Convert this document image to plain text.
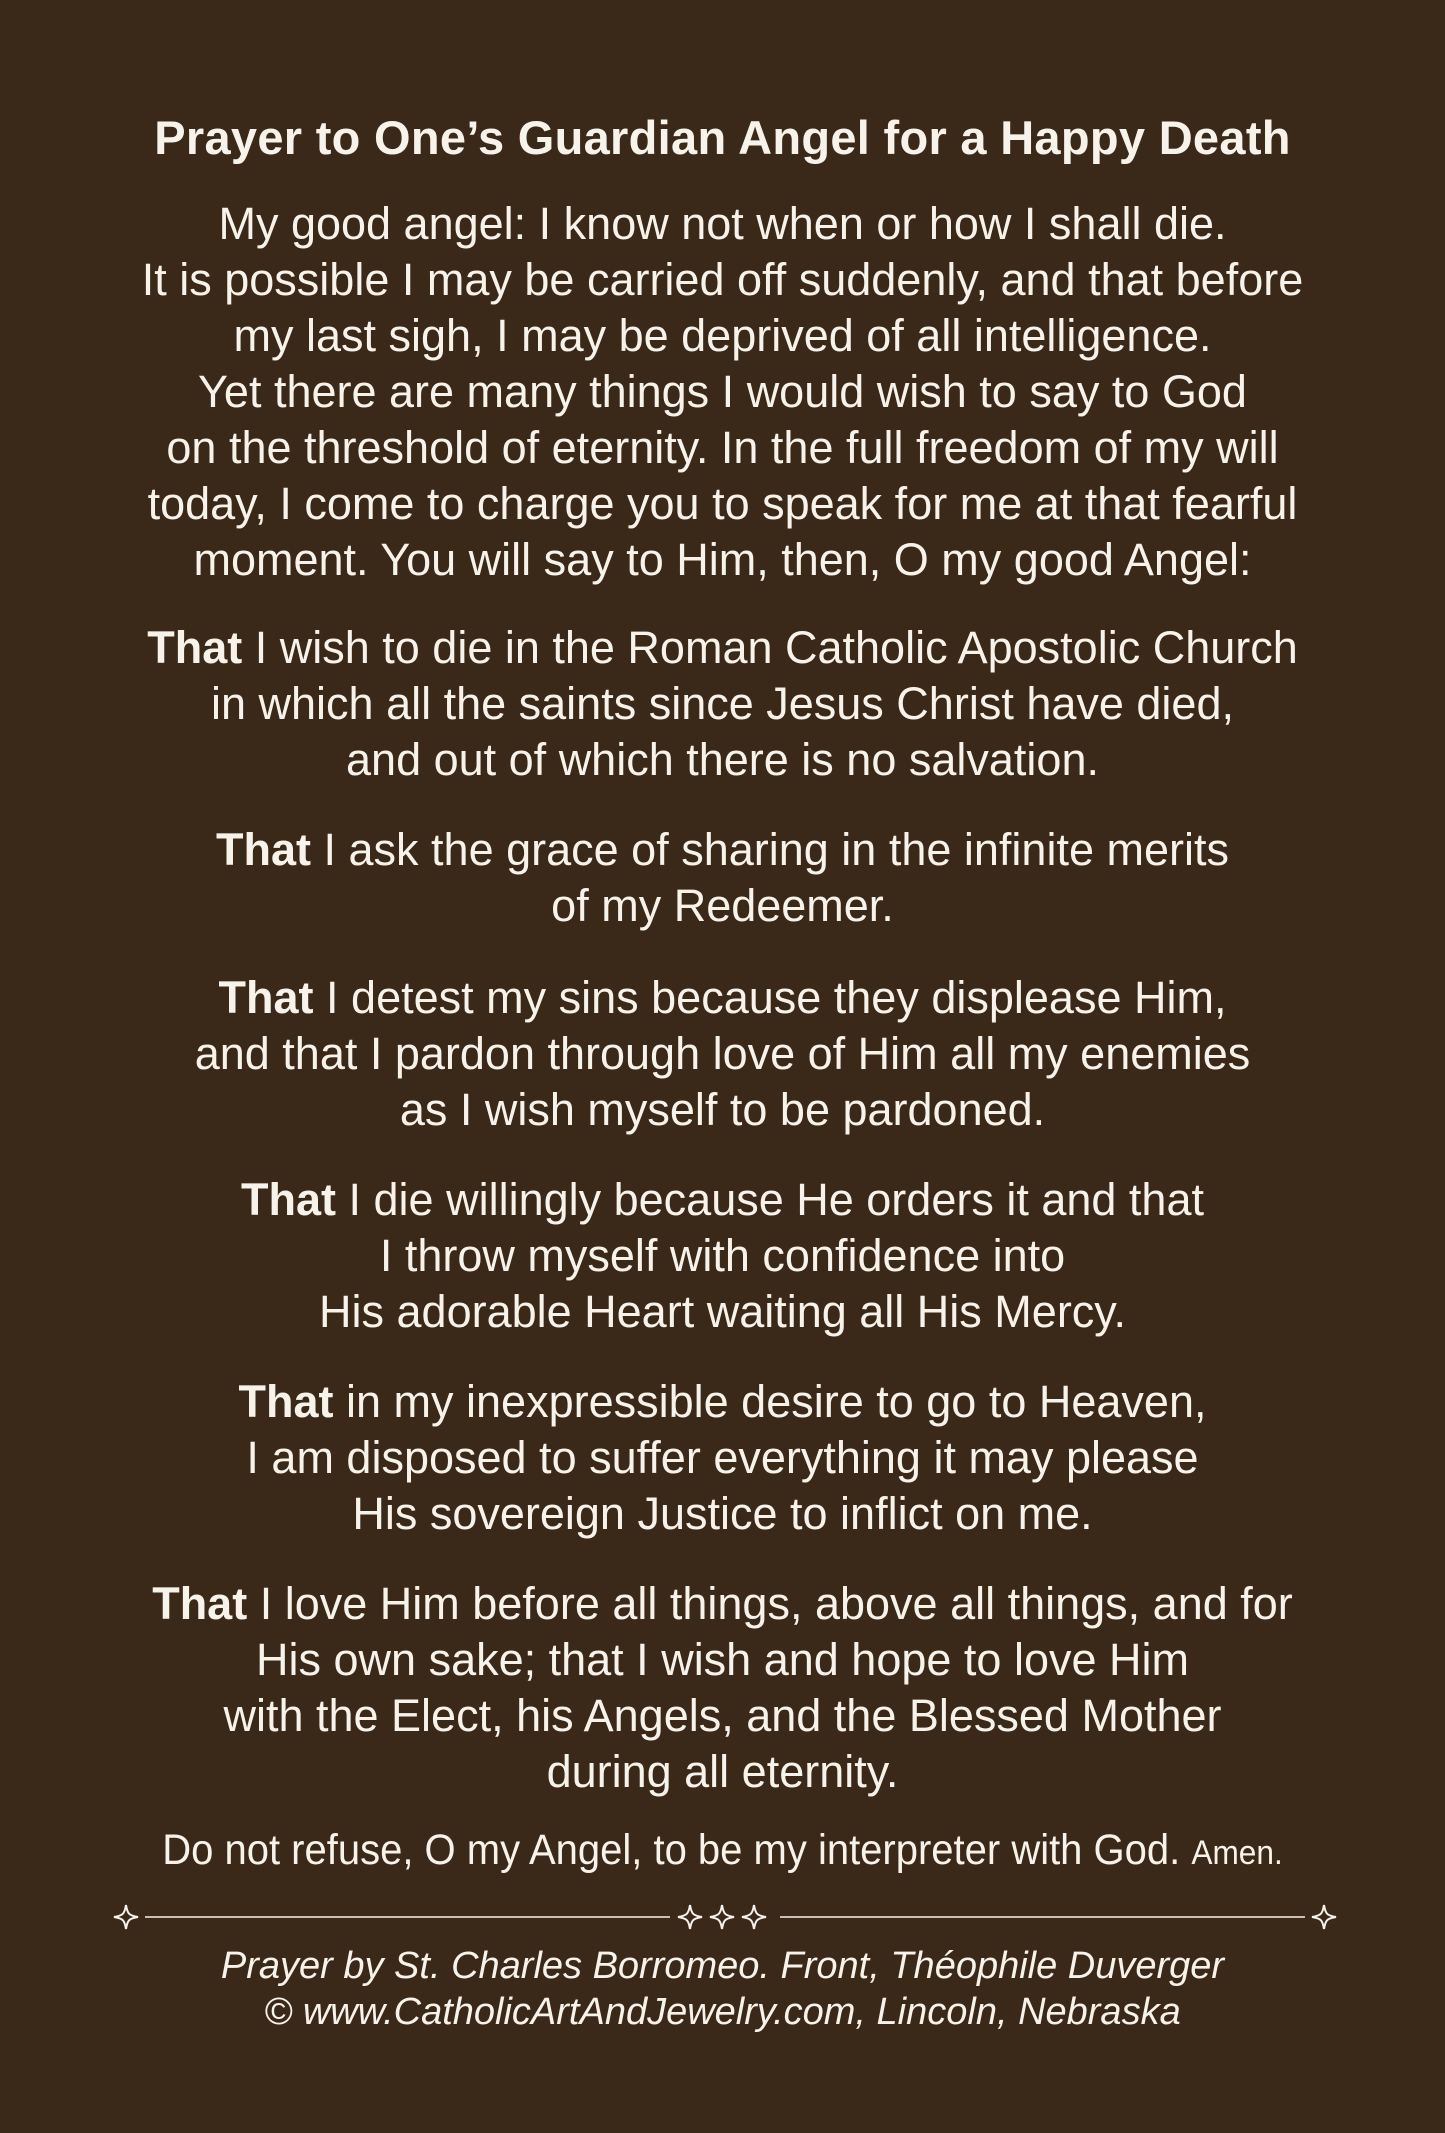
Prayer to One’s Guardian Angel for a Happy Death
My good angel: I know not when or how I shall die.
It is possible I may be carried off suddenly, and that before
my last sigh, I may be deprived of all intelligence.
Yet there are many things I would wish to say to God
on the threshold of eternity. In the full freedom of my will
today, I come to charge you to speak for me at that fearful
moment. You will say to Him, then, O my good Angel:
That I wish to die in the Roman Catholic Apostolic Church
in which all the saints since Jesus Christ have died,
and out of which there is no salvation.
That I ask the grace of sharing in the infinite merits
of my Redeemer.
That I detest my sins because they displease Him,
and that I pardon through love of Him all my enemies
as I wish myself to be pardoned.
That I die willingly because He orders it and that
I throw myself with confidence into
His adorable Heart waiting all His Mercy.
That in my inexpressible desire to go to Heaven,
I am disposed to suffer everything it may please
His sovereign Justice to inflict on me.
That I love Him before all things, above all things, and for
His own sake; that I wish and hope to love Him
with the Elect, his Angels, and the Blessed Mother
during all eternity.
Do not refuse, O my Angel, to be my interpreter with God. Amen.
Prayer by St. Charles Borromeo. Front, Théophile Duverger
© www.CatholicArtAndJewelry.com, Lincoln, Nebraska
